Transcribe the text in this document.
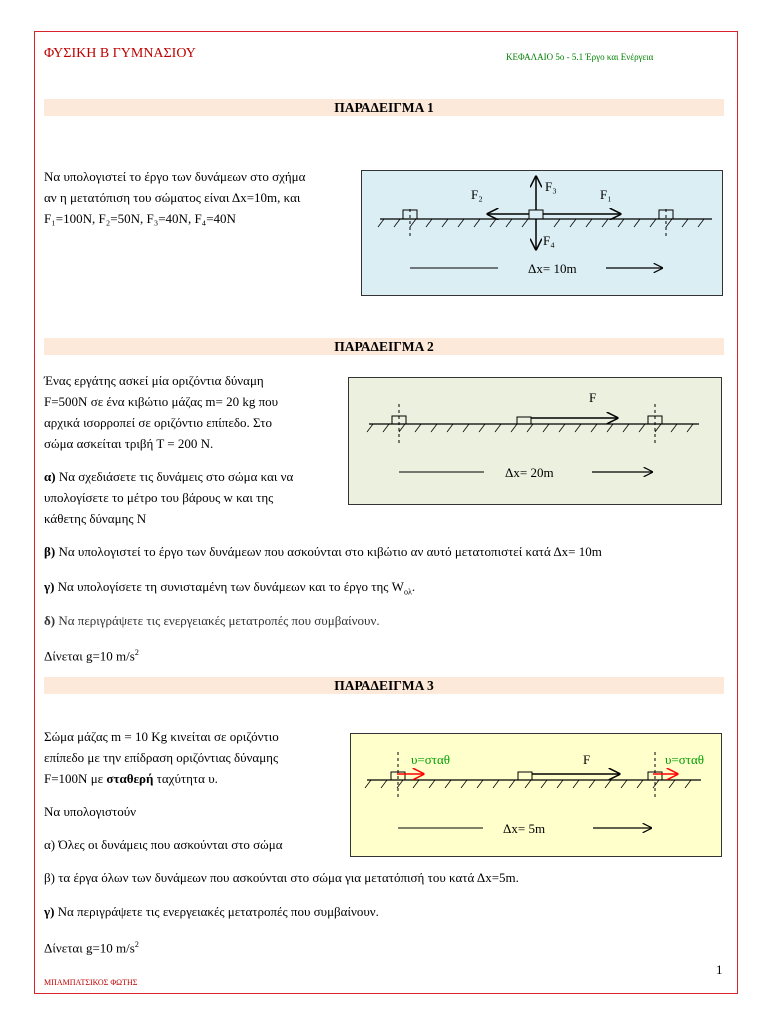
ΦΥΣΙΚΗ Β ΓΥΜΝΑΣΙΟΥ	ΚΕΦΑΛΑΙΟ 5ο - 5.1 Έργο και Ενέργεια
ΠΑΡΑΔΕΙΓΜΑ 1
Να υπολογιστεί το έργο των δυνάμεων στο σχήμα
αν η μετατόπιση του σώματος είναι Δx=10m, και
F₁=100N, F₂=50N, F₃=40N, F₄=40N
F₁
F₂
F₃
F₄
Δx= 10m
ΠΑΡΑΔΕΙΓΜΑ 2
Ένας εργάτης ασκεί μία οριζόντια δύναμη
F=500N σε ένα κιβώτιο μάζας m= 20 kg που
αρχικά ισορροπεί σε οριζόντιο επίπεδο. Στο
σώμα ασκείται τριβή Τ = 200 Ν.
α) Να σχεδιάσετε τις δυνάμεις στο σώμα και να
υπολογίσετε το μέτρο του βάρους w και της
κάθετης δύναμης Ν
F
Δx= 20m
β) Να υπολογιστεί το έργο των δυνάμεων που ασκούνται στο κιβώτιο αν αυτό μετατοπιστεί κατά Δx= 10m
γ) Να υπολογίσετε τη συνισταμένη των δυνάμεων και το έργο της $W_{o\lambda}$.
δ) Να περιγράψετε τις ενεργειακές μετατροπές που συμβαίνουν.
Δίνεται g=10 $m/s^2$
ΠΑΡΑΔΕΙΓΜΑ 3
Σώμα μάζας m = 10 Kg κινείται σε οριζόντιο
επίπεδο με την επίδραση οριζόντιας δύναμης
F=100N με σταθερή ταχύτητα υ.
Να υπολογιστούν
α) Όλες οι δυνάμεις που ασκούνται στο σώμα
υ=σταθ	υ=σταθ
F
Δx= 5m
β) τα έργα όλων των δυνάμεων που ασκούνται στο σώμα για μετατόπισή του κατά Δx=5m.
γ) Να περιγράψετε τις ενεργειακές μετατροπές που συμβαίνουν.
Δίνεται g=10 $m/s^2$
1
ΜΠΑΜΠΑΤΣΙΚΟΣ ΦΩΤΗΣ
